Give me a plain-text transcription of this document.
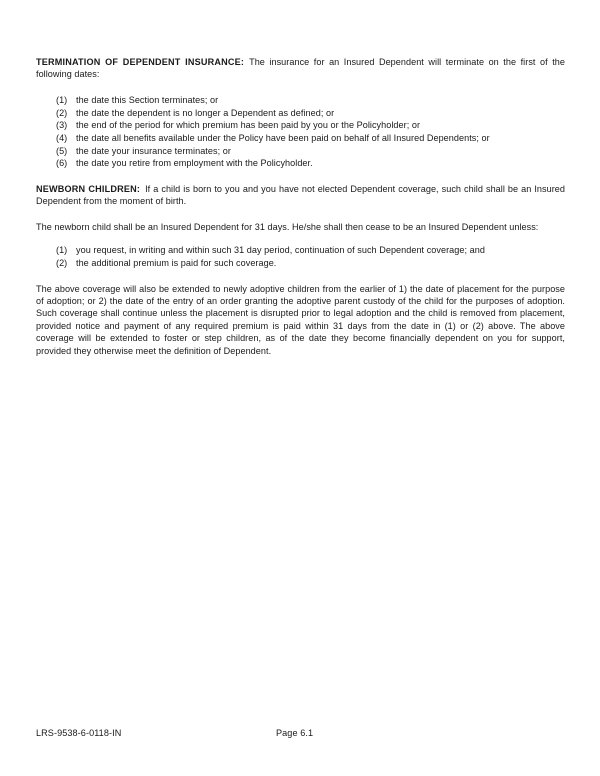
TERMINATION OF DEPENDENT INSURANCE: The insurance for an Insured Dependent will terminate on the first of the following dates:

(1) the date this Section terminates; or
(2) the date the dependent is no longer a Dependent as defined; or
(3) the end of the period for which premium has been paid by you or the Policyholder; or
(4) the date all benefits available under the Policy have been paid on behalf of all Insured Dependents; or
(5) the date your insurance terminates; or
(6) the date you retire from employment with the Policyholder.

NEWBORN CHILDREN: If a child is born to you and you have not elected Dependent coverage, such child shall be an Insured Dependent from the moment of birth.

The newborn child shall be an Insured Dependent for 31 days. He/she shall then cease to be an Insured Dependent unless:

(1) you request, in writing and within such 31 day period, continuation of such Dependent coverage; and
(2) the additional premium is paid for such coverage.

The above coverage will also be extended to newly adoptive children from the earlier of 1) the date of placement for the purpose of adoption; or 2) the date of the entry of an order granting the adoptive parent custody of the child for the purposes of adoption. Such coverage shall continue unless the placement is disrupted prior to legal adoption and the child is removed from placement, provided notice and payment of any required premium is paid within 31 days from the date in (1) or (2) above. The above coverage will be extended to foster or step children, as of the date they become financially dependent on you for support, provided they otherwise meet the definition of Dependent.

LRS-9538-6-0118-IN	Page 6.1
